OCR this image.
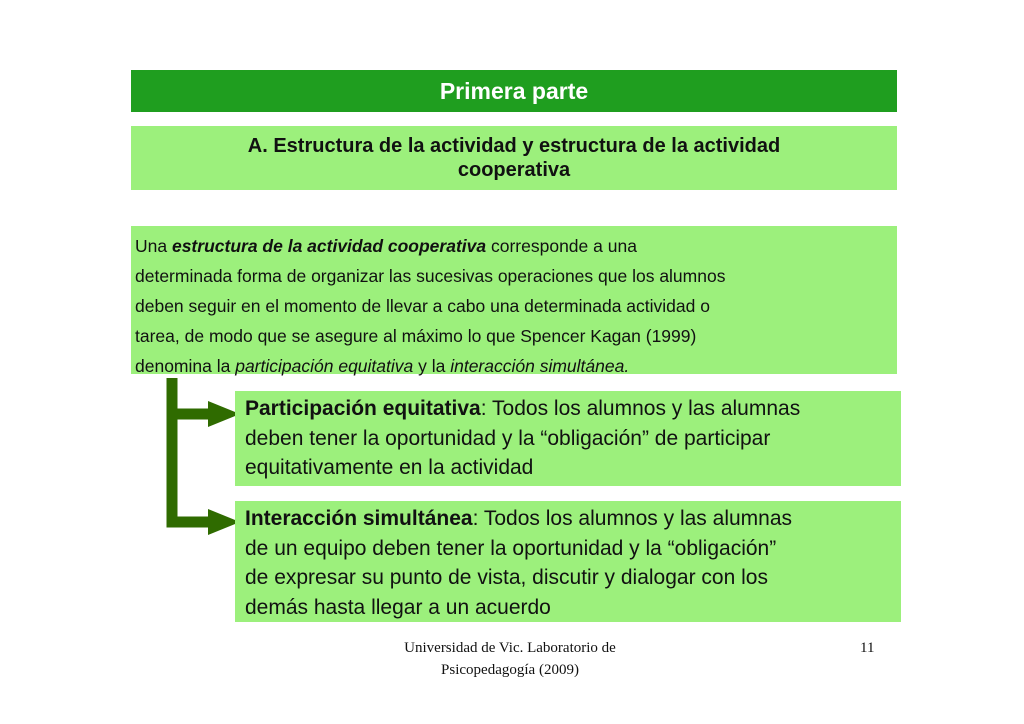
Primera parte
A. Estructura de la actividad y estructura de la actividad
cooperativa
Una estructura de la actividad cooperativa corresponde a una
determinada forma de organizar las sucesivas operaciones que los alumnos
deben seguir en el momento de llevar a cabo una determinada actividad o
tarea, de modo que se asegure al máximo lo que Spencer Kagan (1999)
denomina la participación equitativa y la interacción simultánea.
Participación equitativa: Todos los alumnos y las alumnas
deben tener la oportunidad y la “obligación” de participar
equitativamente en la actividad
Interacción simultánea: Todos los alumnos y las alumnas
de un equipo deben tener la oportunidad y la “obligación”
de expresar su punto de vista, discutir y dialogar con los
demás hasta llegar a un acuerdo
Universidad de Vic. Laboratorio de
Psicopedagogía (2009)
11
